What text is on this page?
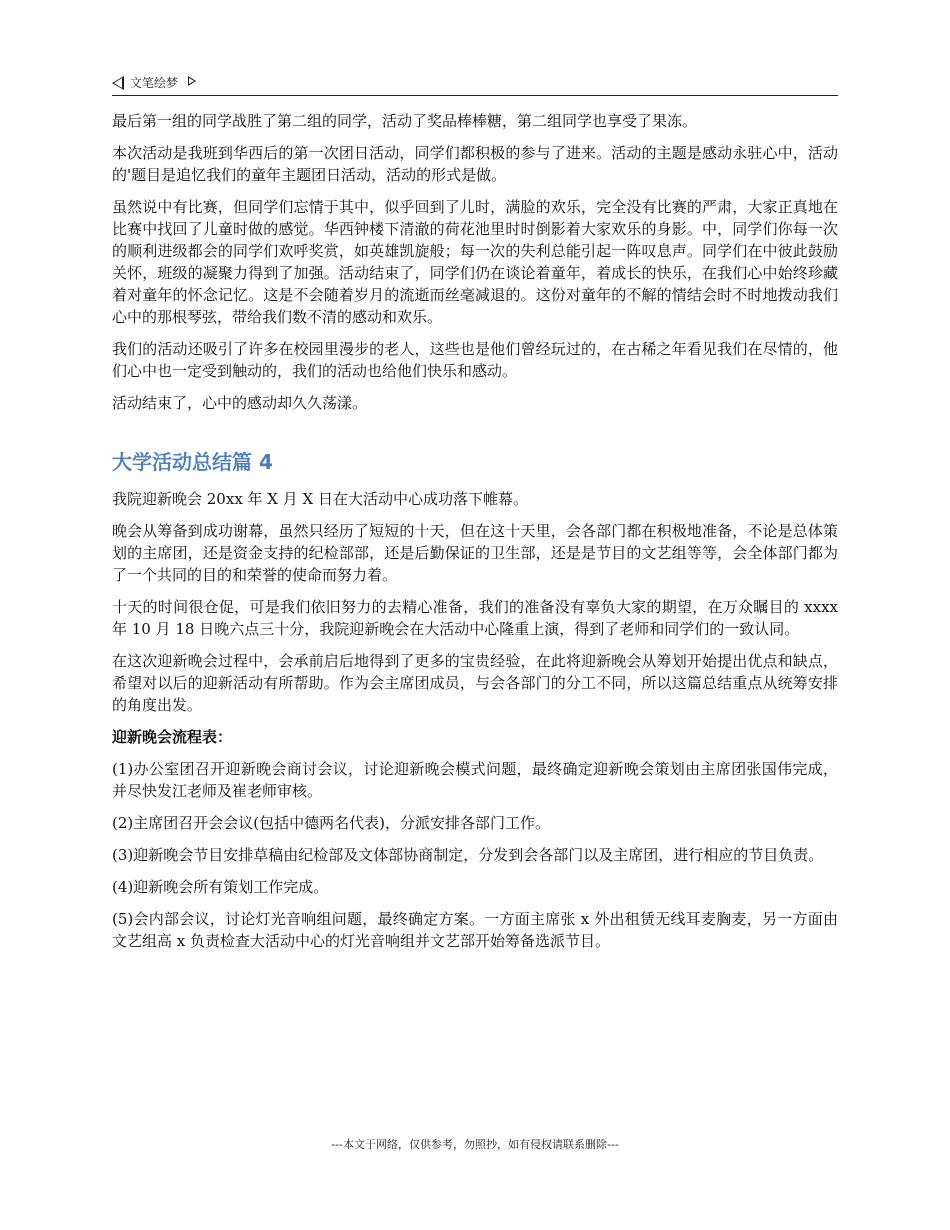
文笔绘梦

最后第一组的同学战胜了第二组的同学，活动了奖品棒棒糖，第二组同学也享受了果冻。

本次活动是我班到华西后的第一次团日活动，同学们都积极的参与了进来。活动的主题是感动永驻心中，活动的'题目是追忆我们的童年主题团日活动，活动的形式是做。

虽然说中有比赛，但同学们忘情于其中，似乎回到了儿时，满脸的欢乐，完全没有比赛的严肃，大家正真地在比赛中找回了儿童时做的感觉。华西钟楼下清澈的荷花池里时时倒影着大家欢乐的身影。中，同学们你每一次的顺利进级都会的同学们欢呼奖赏，如英雄凯旋般；每一次的失利总能引起一阵叹息声。同学们在中彼此鼓励关怀，班级的凝聚力得到了加强。活动结束了，同学们仍在谈论着童年，着成长的快乐，在我们心中始终珍藏着对童年的怀念记忆。这是不会随着岁月的流逝而丝毫减退的。这份对童年的不解的情结会时不时地拨动我们心中的那根琴弦，带给我们数不清的感动和欢乐。

我们的活动还吸引了许多在校园里漫步的老人，这些也是他们曾经玩过的，在古稀之年看见我们在尽情的，他们心中也一定受到触动的，我们的活动也给他们快乐和感动。

活动结束了，心中的感动却久久荡漾。

大学活动总结篇 4

我院迎新晚会 20xx 年 X 月 X 日在大活动中心成功落下帷幕。

晚会从筹备到成功谢幕，虽然只经历了短短的十天，但在这十天里，会各部门都在积极地准备，不论是总体策划的主席团，还是资金支持的纪检部部，还是后勤保证的卫生部，还是是节目的文艺组等等，会全体部门都为了一个共同的目的和荣誉的使命而努力着。

十天的时间很仓促，可是我们依旧努力的去精心准备，我们的准备没有辜负大家的期望，在万众瞩目的 xxxx 年 10 月 18 日晚六点三十分，我院迎新晚会在大活动中心隆重上演，得到了老师和同学们的一致认同。

在这次迎新晚会过程中，会承前启后地得到了更多的宝贵经验，在此将迎新晚会从筹划开始提出优点和缺点，希望对以后的迎新活动有所帮助。作为会主席团成员，与会各部门的分工不同，所以这篇总结重点从统筹安排的角度出发。

迎新晚会流程表：

(1)办公室团召开迎新晚会商讨会议，讨论迎新晚会模式问题，最终确定迎新晚会策划由主席团张国伟完成，并尽快发江老师及崔老师审核。

(2)主席团召开会会议(包括中德两名代表)，分派安排各部门工作。

(3)迎新晚会节目安排草稿由纪检部及文体部协商制定，分发到会各部门以及主席团，进行相应的节目负责。

(4)迎新晚会所有策划工作完成。

(5)会内部会议，讨论灯光音响组问题，最终确定方案。一方面主席张 x 外出租赁无线耳麦胸麦，另一方面由文艺组高 x 负责检查大活动中心的灯光音响组并文艺部开始筹备选派节目。

---本文于网络，仅供参考，勿照抄，如有侵权请联系删除---
